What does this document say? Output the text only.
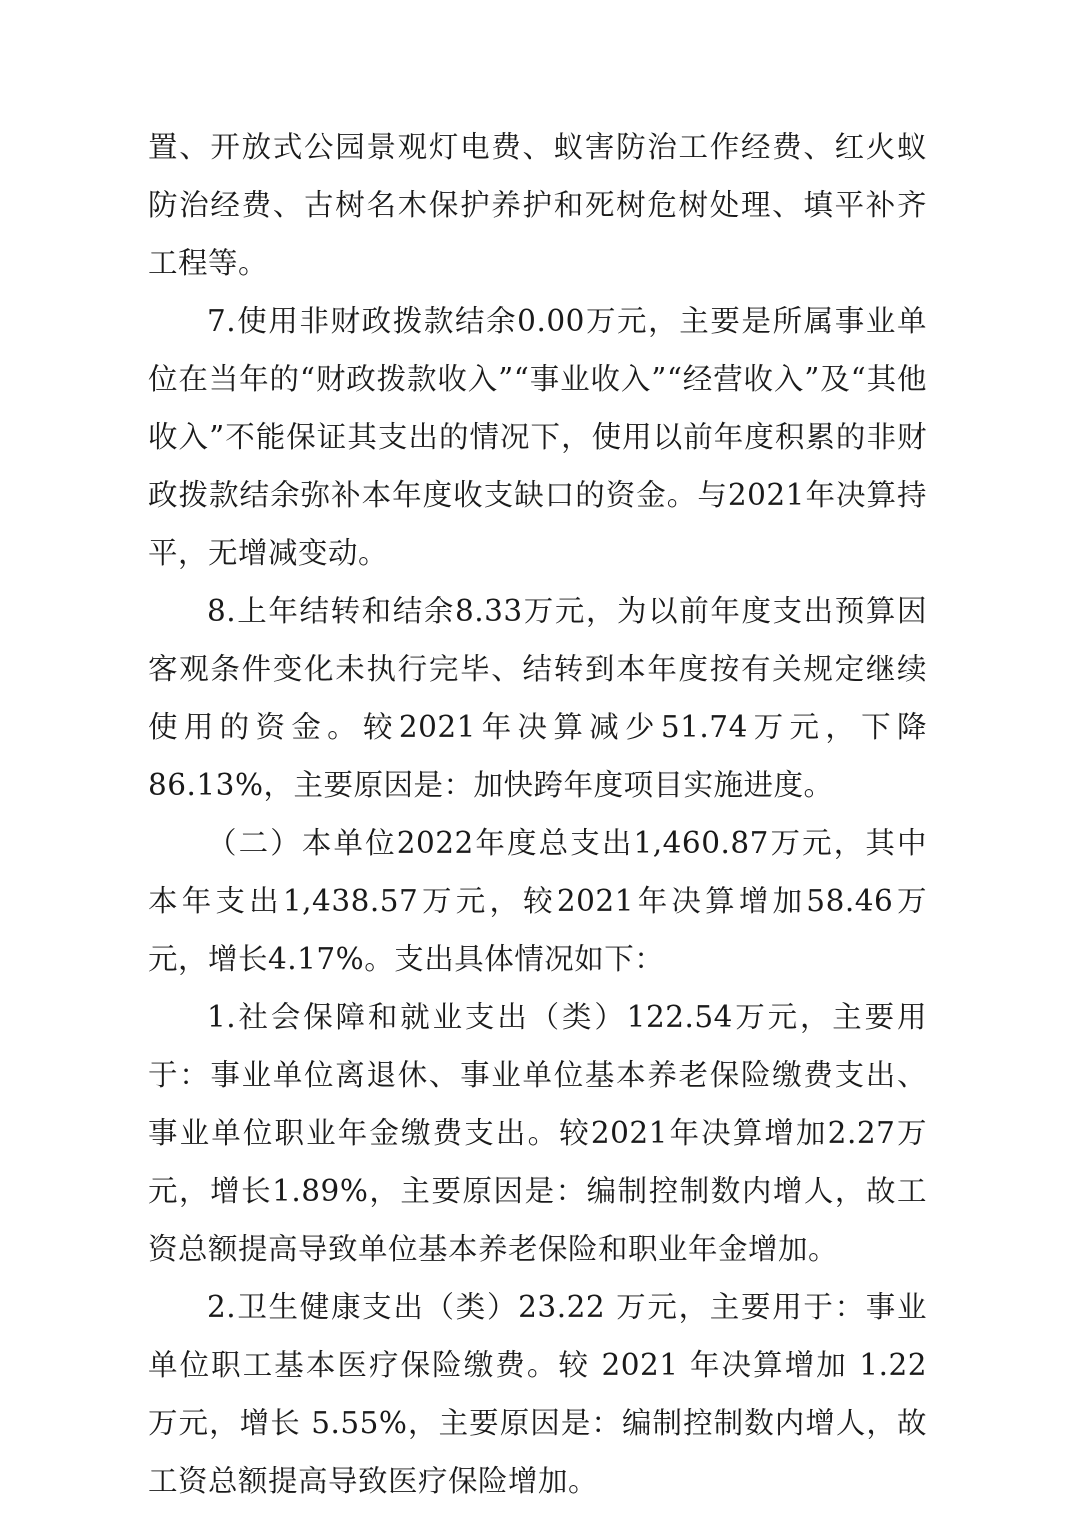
置、开放式公园景观灯电费、蚁害防治工作经费、红火蚁防治经费、古树名木保护养护和死树危树处理、填平补齐工程等。

7.使用非财政拨款结余0.00万元，主要是所属事业单位在当年的“财政拨款收入”“事业收入”“经营收入”及“其他收入”不能保证其支出的情况下，使用以前年度积累的非财政拨款结余弥补本年度收支缺口的资金。与2021年决算持平，无增减变动。

8.上年结转和结余8.33万元，为以前年度支出预算因客观条件变化未执行完毕、结转到本年度按有关规定继续使用的资金。较2021年决算减少51.74万元，下降86.13%，主要原因是：加快跨年度项目实施进度。

（二）本单位2022年度总支出1,460.87万元，其中本年支出1,438.57万元，较2021年决算增加58.46万元，增长4.17%。支出具体情况如下：

1.社会保障和就业支出（类）122.54万元，主要用于：事业单位离退休、事业单位基本养老保险缴费支出、事业单位职业年金缴费支出。较2021年决算增加2.27万元，增长1.89%，主要原因是：编制控制数内增人，故工资总额提高导致单位基本养老保险和职业年金增加。

2.卫生健康支出（类）23.22 万元，主要用于：事业单位职工基本医疗保险缴费。较 2021 年决算增加 1.22 万元，增长 5.55%，主要原因是：编制控制数内增人，故工资总额提高导致医疗保险增加。
